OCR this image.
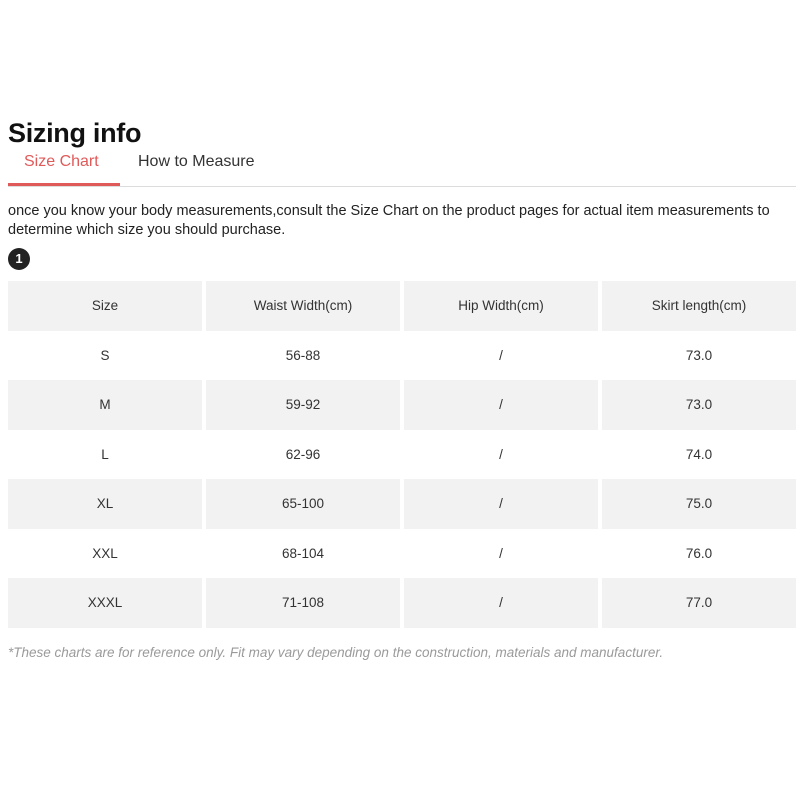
Sizing info
Size Chart How to Measure
once you know your body measurements,consult the Size Chart on the product pages for actual item measurements to determine which size you should purchase.
1
Size	Waist Width(cm)	Hip Width(cm)	Skirt length(cm)
S	56-88	/	73.0
M	59-92	/	73.0
L	62-96	/	74.0
XL	65-100	/	75.0
XXL	68-104	/	76.0
XXXL	71-108	/	77.0
*These charts are for reference only. Fit may vary depending on the construction, materials and manufacturer.
